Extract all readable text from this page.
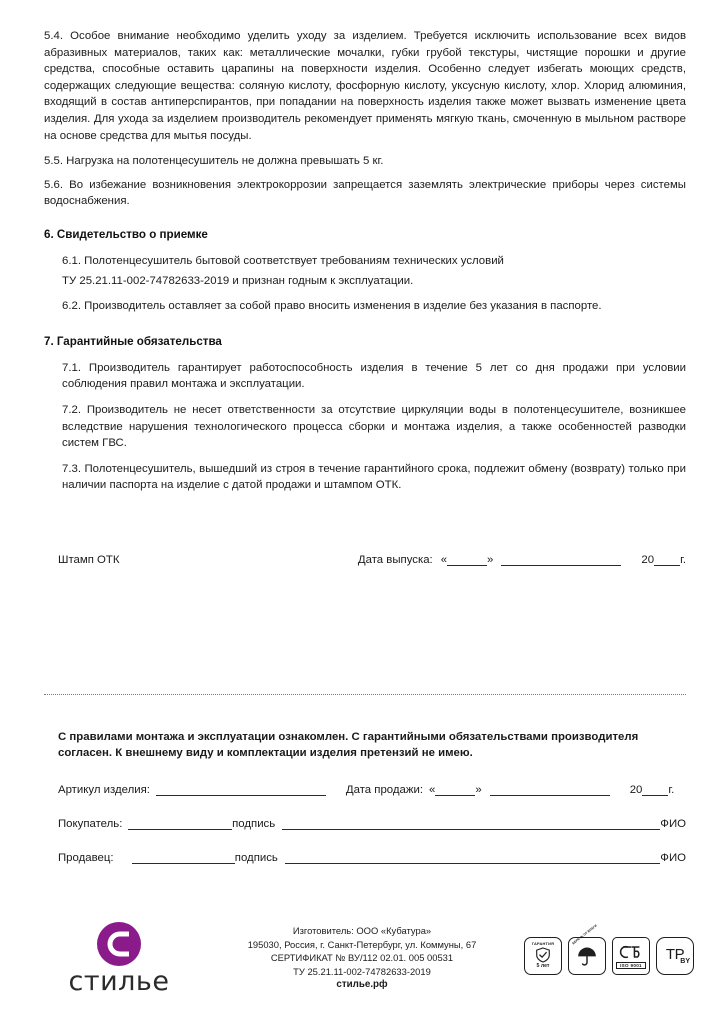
5.4. Особое внимание необходимо уделить уходу за изделием. Требуется исключить использование всех видов абразивных материалов, таких как: металлические мочалки, губки грубой текстуры, чистящие порошки и другие средства, способные оставить царапины на поверхности изделия. Особенно следует избегать моющих средств, содержащих следующие вещества: соляную кислоту, фосфорную кислоту, уксусную кислоту, хлор. Хлорид алюминия, входящий в состав антиперспирантов, при попадании на поверхность изделия также может вызвать изменение цвета изделия. Для ухода за изделием производитель рекомендует применять мягкую ткань, смоченную в мыльном растворе на основе средства для мытья посуды.

5.5. Нагрузка на полотенцесушитель не должна превышать 5 кг.

5.6. Во избежание возникновения электрокоррозии запрещается заземлять электрические приборы через системы водоснабжения.

6. Свидетельство о приемке

6.1. Полотенцесушитель бытовой соответствует требованиям технических условий

ТУ 25.21.11-002-74782633-2019 и признан годным к эксплуатации.

6.2. Производитель оставляет за собой право вносить изменения в изделие без указания в паспорте.

7. Гарантийные обязательства

7.1. Производитель гарантирует работоспособность изделия в течение 5 лет со дня продажи при условии соблюдения правил монтажа и эксплуатации.

7.2. Производитель не несет ответственности за отсутствие циркуляции воды в полотенцесушителе, возникшее вследствие нарушения технологического процесса сборки и монтажа изделия, а также особенностей разводки систем ГВС.

7.3. Полотенцесушитель, вышедший из строя в течение гарантийного срока, подлежит обмену (возврату) только при наличии паспорта на изделие с датой продажи и штампом ОТК.

Штамп ОТК	Дата выпуска: «	»	20 г.

С правилами монтажа и эксплуатации ознакомлен. С гарантийными обязательствами производителя согласен. К внешнему виду и комплектации изделия претензий не имею.

Артикул изделия:	Дата продажи: «	»	20 г.
Покупатель:	подпись	ФИО
Продавец:	подпись	ФИО
cтилье
Изготовитель: ООО «Кубатура»
195030, Россия, г. Санкт-Петербург, ул. Коммуны, 67
СЕРТИФИКАТ № ВУ/112 02.01. 005 00531
ТУ 25.21.11-002-74782633-2019
стилье.рф
ГАРАНТИЯ
5 лет
БЕРЕЧЬ ОТ ВЛАГИ
ISO 9001
ТР
BY
